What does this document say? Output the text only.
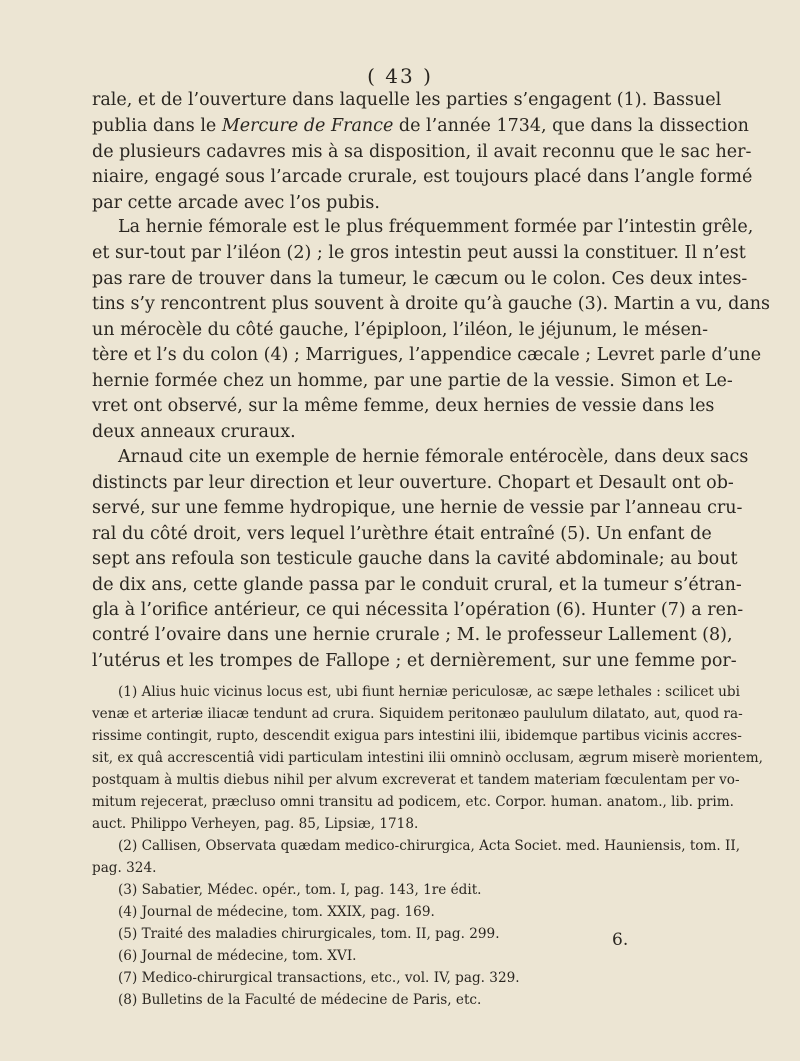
( 43 )
rale, et de l’ouverture dans laquelle les parties s’engagent (1). Bassuel
publia dans le Mercure de France de l’année 1734, que dans la dissection
de plusieurs cadavres mis à sa disposition, il avait reconnu que le sac her-
niaire, engagé sous l’arcade crurale, est toujours placé dans l’angle formé
par cette arcade avec l’os pubis.
La hernie fémorale est le plus fréquemment formée par l’intestin grêle,
et sur-tout par l’iléon (2) ; le gros intestin peut aussi la constituer. Il n’est
pas rare de trouver dans la tumeur, le cæcum ou le colon. Ces deux intes-
tins s’y rencontrent plus souvent à droite qu’à gauche (3). Martin a vu, dans
un mérocèle du côté gauche, l’épiploon, l’iléon, le jéjunum, le mésen-
tère et l’s du colon (4) ; Marrigues, l’appendice cæcale ; Levret parle d’une
hernie formée chez un homme, par une partie de la vessie. Simon et Le-
vret ont observé, sur la même femme, deux hernies de vessie dans les
deux anneaux cruraux.
Arnaud cite un exemple de hernie fémorale entérocèle, dans deux sacs
distincts par leur direction et leur ouverture. Chopart et Desault ont ob-
servé, sur une femme hydropique, une hernie de vessie par l’anneau cru-
ral du côté droit, vers lequel l’urèthre était entraîné (5). Un enfant de
sept ans refoula son testicule gauche dans la cavité abdominale; au bout
de dix ans, cette glande passa par le conduit crural, et la tumeur s’étran-
gla à l’orifice antérieur, ce qui nécessita l’opération (6). Hunter (7) a ren-
contré l’ovaire dans une hernie crurale ; M. le professeur Lallement (8),
l’utérus et les trompes de Fallope ; et dernièrement, sur une femme por-
(1) Alius huic vicinus locus est, ubi fiunt herniæ periculosæ, ac sæpe lethales : scilicet ubi
venæ et arteriæ iliacæ tendunt ad crura. Siquidem peritonæo paululum dilatato, aut, quod ra-
rissime contingit, rupto, descendit exigua pars intestini ilii, ibidemque partibus vicinis accres-
sit, ex quâ accrescentiâ vidi particulam intestini ilii omninò occlusam, ægrum miserè morientem,
postquam à multis diebus nihil per alvum excreverat et tandem materiam fœculentam per vo-
mitum rejecerat, præcluso omni transitu ad podicem, etc. Corpor. human. anatom., lib. prim.
auct. Philippo Verheyen, pag. 85, Lipsiæ, 1718.
(2) Callisen, Observata quædam medico-chirurgica, Acta Societ. med. Hauniensis, tom. II,
pag. 324.
(3) Sabatier, Médec. opér., tom. I, pag. 143, 1re édit.
(4) Journal de médecine, tom. XXIX, pag. 169.
(5) Traité des maladies chirurgicales, tom. II, pag. 299.
(6) Journal de médecine, tom. XVI.
(7) Medico-chirurgical transactions, etc., vol. IV, pag. 329.
(8) Bulletins de la Faculté de médecine de Paris, etc.
6.
